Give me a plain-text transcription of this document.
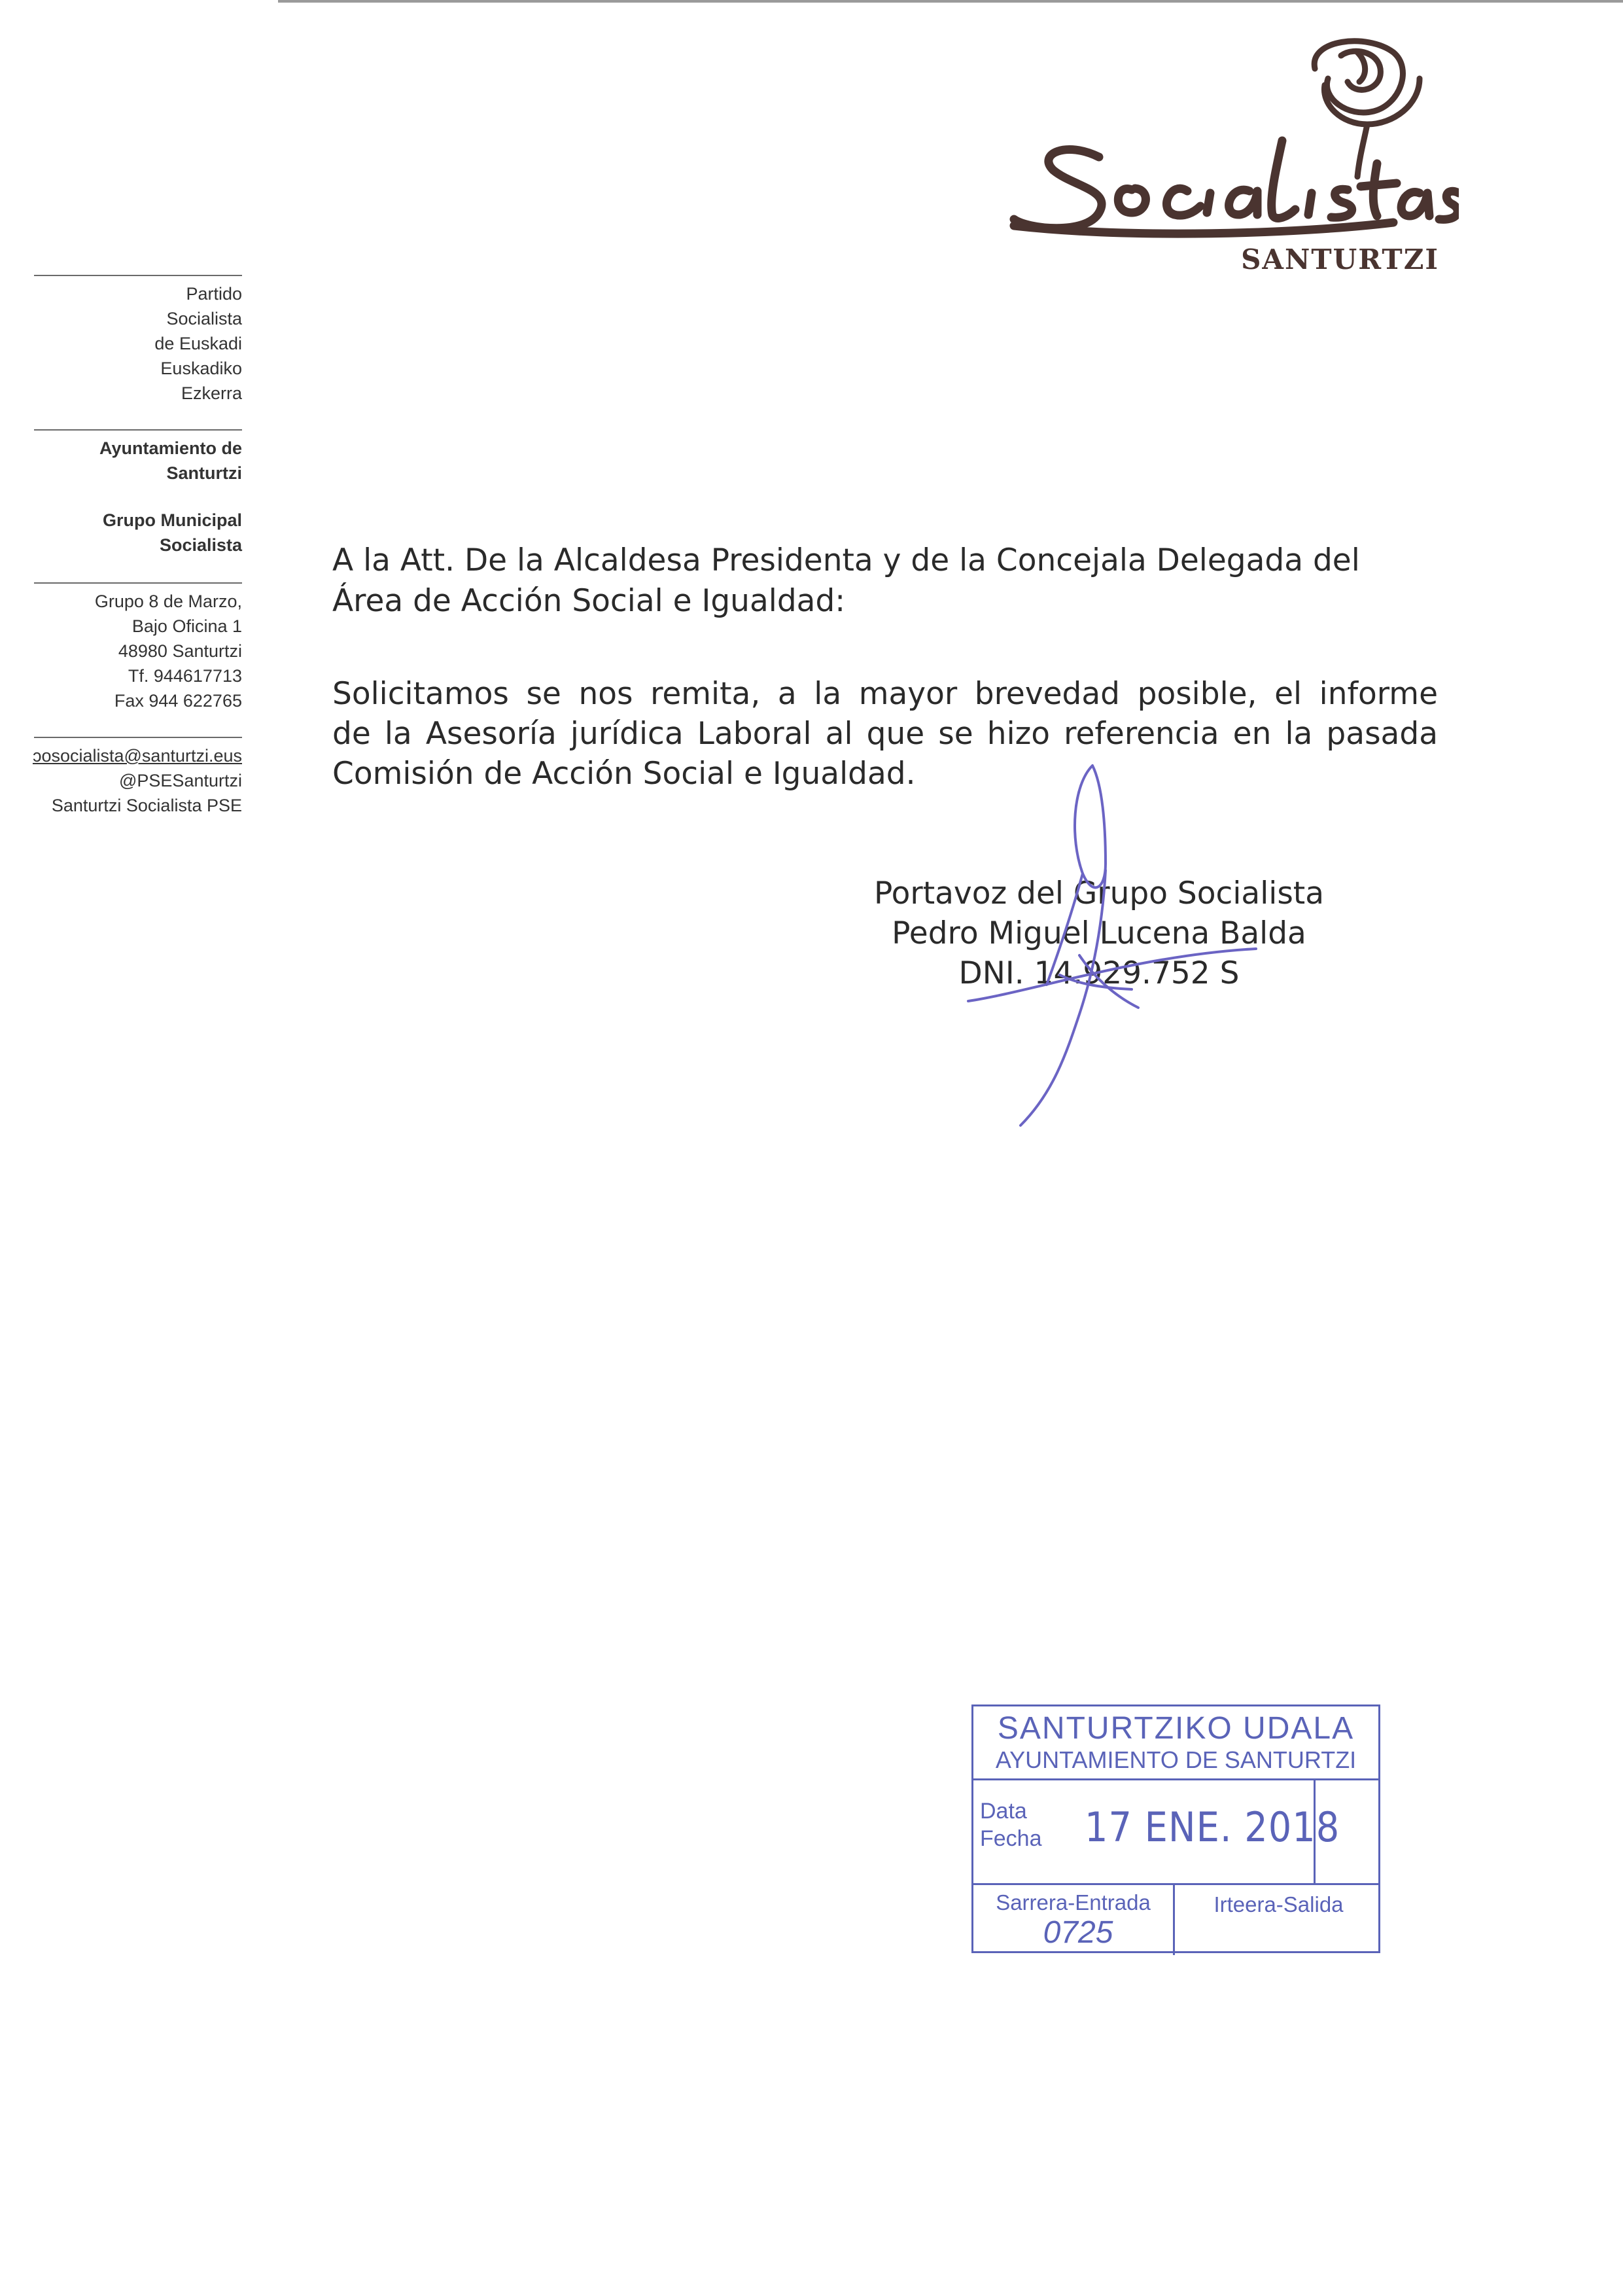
SANTURTZI
Partido
Socialista
de Euskadi
Euskadiko
Ezkerra
Ayuntamiento de
Santurtzi
Grupo Municipal
Socialista
Grupo 8 de Marzo,
Bajo Oficina 1
48980 Santurtzi
Tf. 944617713
Fax 944 622765
ɔosocialista@santurtzi.eus
@PSESanturtzi
Santurtzi Socialista PSE
A la Att. De la Alcaldesa Presidenta y de la Concejala Delegada del
Área de Acción Social e Igualdad:
Solicitamos se nos remita, a la mayor brevedad posible, el informe
de la Asesoría jurídica Laboral al que se hizo referencia en la pasada
Comisión de Acción Social e Igualdad.
Portavoz del Grupo Socialista
Pedro Miguel Lucena Balda
DNI. 14.929.752 S
SANTURTZIKO UDALA
AYUNTAMIENTO DE SANTURTZI
Data
Fecha 17 ENE. 2018
Sarrera-Entrada	Irteera-Salida
0725
